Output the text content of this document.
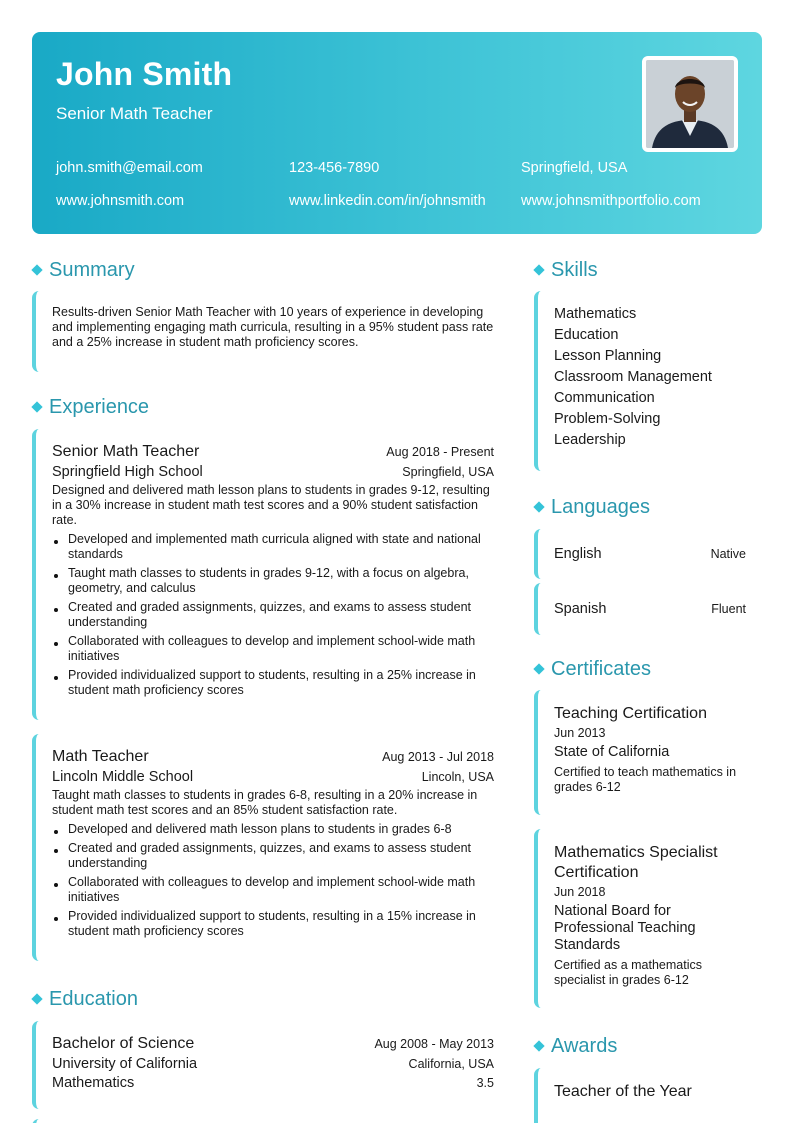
John Smith
Senior Math Teacher
john.smith@email.com	123-456-7890	Springfield, USA
www.johnsmith.com	www.linkedin.com/in/johnsmith www.johnsmithportfolio.com
Summary
Results-driven Senior Math Teacher with 10 years of experience in developing and implementing engaging math curricula, resulting in a 95% student pass rate and a 25% increase in student math proficiency scores.
Experience
Senior Math Teacher	Aug 2018 - Present
Springfield High School	Springfield, USA
Designed and delivered math lesson plans to students in grades 9-12, resulting in a 30% increase in student math test scores and a 90% student satisfaction rate.
Developed and implemented math curricula aligned with state and national standards
Taught math classes to students in grades 9-12, with a focus on algebra, geometry, and calculus
Created and graded assignments, quizzes, and exams to assess student understanding
Collaborated with colleagues to develop and implement school-wide math initiatives
Provided individualized support to students, resulting in a 25% increase in student math proficiency scores
Math Teacher	Aug 2013 - Jul 2018
Lincoln Middle School	Lincoln, USA
Taught math classes to students in grades 6-8, resulting in a 20% increase in student math test scores and an 85% student satisfaction rate.
Developed and delivered math lesson plans to students in grades 6-8
Created and graded assignments, quizzes, and exams to assess student understanding
Collaborated with colleagues to develop and implement school-wide math initiatives
Provided individualized support to students, resulting in a 15% increase in student math proficiency scores
Education
Bachelor of Science	Aug 2008 - May 2013
University of California	California, USA
Mathematics	3.5
Skills
Mathematics
Education
Lesson Planning
Classroom Management
Communication
Problem-Solving
Leadership
Languages
English	Native
Spanish	Fluent
Certificates
Teaching Certification
Jun 2013
State of California
Certified to teach mathematics in grades 6-12
Mathematics Specialist Certification
Jun 2018
National Board for Professional Teaching Standards
Certified as a mathematics specialist in grades 6-12
Awards
Teacher of the Year
